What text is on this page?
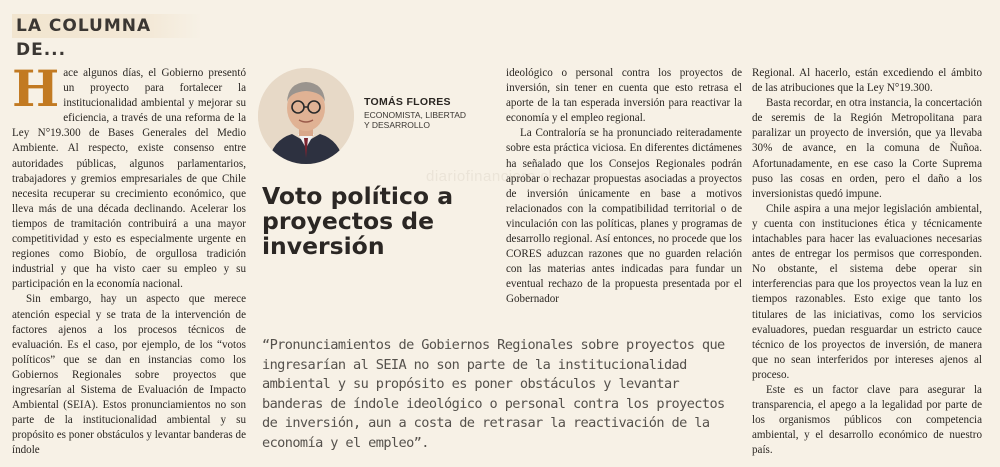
LA COLUMNA DE...
H ace algunos días, el Gobierno presentó un proyecto para fortalecer la institucionalidad ambiental y mejorar su eficiencia, a través de una reforma de la Ley N°19.300 de Bases Generales del Medio Ambiente. Al respecto, existe consenso entre autoridades públicas, algunos parlamentarios, trabajadores y gremios empresariales de que Chile necesita recuperar su crecimiento económico, que lleva más de una década declinando. Acelerar los tiempos de tramitación contribuirá a una mayor competitividad y esto es especialmente urgente en regiones como Biobío, de orgullosa tradición industrial y que ha visto caer su empleo y su participación en la economía nacional.

Sin embargo, hay un aspecto que merece atención especial y se trata de la intervención de factores ajenos a los procesos técnicos de evaluación. Es el caso, por ejemplo, de los “votos políticos” que se dan en instancias como los Gobiernos Regionales sobre proyectos que ingresarían al Sistema de Evaluación de Impacto Ambiental (SEIA). Estos pronunciamientos no son parte de la institucionalidad ambiental y su propósito es poner obstáculos y levantar banderas de índole

TOMÁS FLORES
ECONOMISTA, LIBERTAD
Y DESARROLLO
diariofinanciero.cl
Voto político a
proyectos de
inversión

ideológico o personal contra los proyectos de inversión, sin tener en cuenta que esto retrasa el aporte de la tan esperada inversión para reactivar la economía y el empleo regional.

La Contraloría se ha pronunciado reiteradamente sobre esta práctica viciosa. En diferentes dictámenes ha señalado que los Consejos Regionales podrán aprobar o rechazar propuestas asociadas a proyectos de inversión únicamente en base a motivos relacionados con la compatibilidad territorial o de vinculación con las políticas, planes y programas de desarrollo regional. Así entonces, no procede que los CORES aduzcan razones que no guarden relación con las materias antes indicadas para fundar un eventual rechazo de la propuesta presentada por el Gobernador

Regional. Al hacerlo, están excediendo el ámbito de las atribuciones que la Ley N°19.300.

Basta recordar, en otra instancia, la concertación de seremis de la Región Metropolitana para paralizar un proyecto de inversión, que ya llevaba 30% de avance, en la comuna de Ñuñoa. Afortunadamente, en ese caso la Corte Suprema puso las cosas en orden, pero el daño a los inversionistas quedó impune.

Chile aspira a una mejor legislación ambiental, y cuenta con instituciones ética y técnicamente intachables para hacer las evaluaciones necesarias antes de entregar los permisos que corresponden. No obstante, el sistema debe operar sin interferencias para que los proyectos vean la luz en tiempos razonables. Esto exige que tanto los titulares de las iniciativas, como los servicios evaluadores, puedan resguardar un estricto cauce técnico de los proyectos de inversión, de manera que no sean interferidos por intereses ajenos al proceso.

Este es un factor clave para asegurar la transparencia, el apego a la legalidad por parte de los organismos públicos con competencia ambiental, y el desarrollo económico de nuestro país.

“Pronunciamientos de Gobiernos Regionales sobre proyectos que ingresarían al SEIA no son parte de la institucionalidad ambiental y su propósito es poner obstáculos y levantar banderas de índole ideológico o personal contra los proyectos de inversión, aun a costa de retrasar la reactivación de la economía y el empleo”.
